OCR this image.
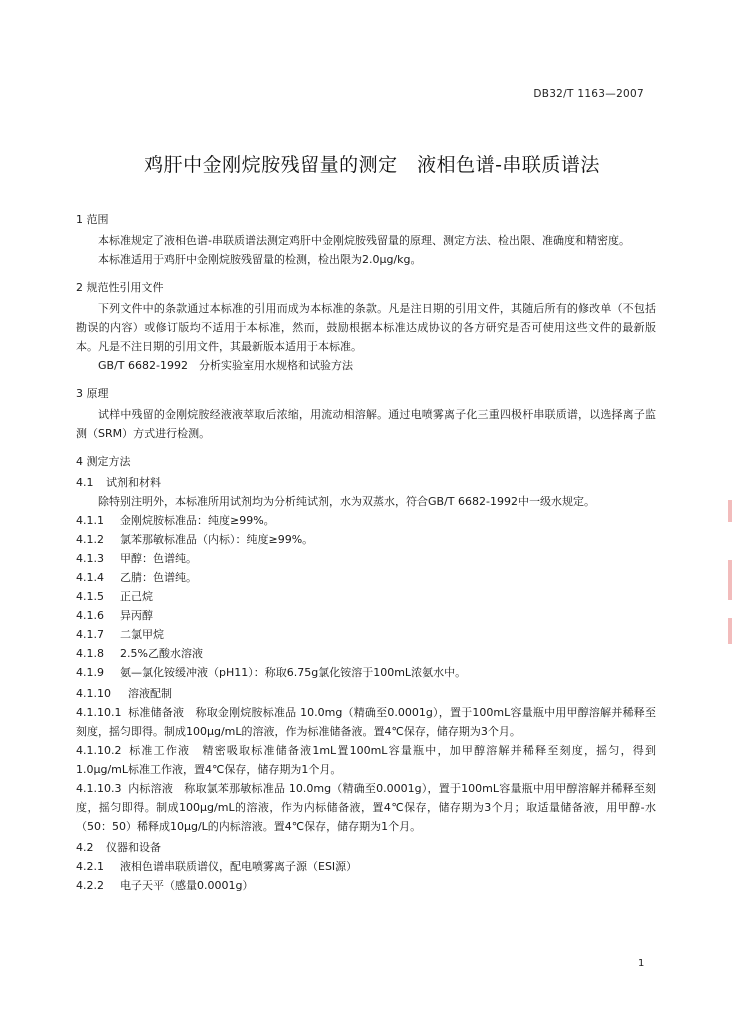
DB32/T 1163—2007
鸡肝中金刚烷胺残留量的测定　液相色谱-串联质谱法
1 范围

本标准规定了液相色谱-串联质谱法测定鸡肝中金刚烷胺残留量的原理、测定方法、检出限、准确度和精密度。

本标准适用于鸡肝中金刚烷胺残留量的检测，检出限为2.0μg/kg。

2 规范性引用文件

下列文件中的条款通过本标准的引用而成为本标准的条款。凡是注日期的引用文件，其随后所有的修改单（不包括勘误的内容）或修订版均不适用于本标准，然而，鼓励根据本标准达成协议的各方研究是否可使用这些文件的最新版本。凡是不注日期的引用文件，其最新版本适用于本标准。

GB/T 6682-1992　分析实验室用水规格和试验方法

3 原理

试样中残留的金刚烷胺经液液萃取后浓缩，用流动相溶解。通过电喷雾离子化三重四极杆串联质谱，以选择离子监测（SRM）方式进行检测。

4 测定方法
4.1 试剂和材料

除特别注明外，本标准所用试剂均为分析纯试剂，水为双蒸水，符合GB/T 6682-1992中一级水规定。

4.1.1 金刚烷胺标准品：纯度≥99%。

4.1.2 氯苯那敏标准品（内标）：纯度≥99%。

4.1.3 甲醇：色谱纯。

4.1.4 乙腈：色谱纯。

4.1.5 正己烷

4.1.6 异丙醇

4.1.7 二氯甲烷

4.1.8 2.5%乙酸水溶液

4.1.9 氨—氯化铵缓冲液（pH11）：称取6.75g氯化铵溶于100mL浓氨水中。

4.1.10 溶液配制

4.1.10.1 标准储备液　称取金刚烷胺标准品 10.0mg（精确至0.0001g），置于100mL容量瓶中用甲醇溶解并稀释至刻度，摇匀即得。制成100μg/mL的溶液，作为标准储备液。置4℃保存，储存期为3个月。

4.1.10.2 标准工作液　精密吸取标准储备液1mL置100mL容量瓶中，加甲醇溶解并稀释至刻度，摇匀，得到1.0μg/mL标准工作液，置4℃保存，储存期为1个月。

4.1.10.3 内标溶液　称取氯苯那敏标准品 10.0mg（精确至0.0001g），置于100mL容量瓶中用甲醇溶解并稀释至刻度，摇匀即得。制成100μg/mL的溶液，作为内标储备液，置4℃保存，储存期为3个月；取适量储备液，用甲醇-水（50：50）稀释成10μg/L的内标溶液。置4℃保存，储存期为1个月。

4.2 仪器和设备

4.2.1 液相色谱串联质谱仪，配电喷雾离子源（ESI源）

4.2.2 电子天平（感量0.0001g）

1
